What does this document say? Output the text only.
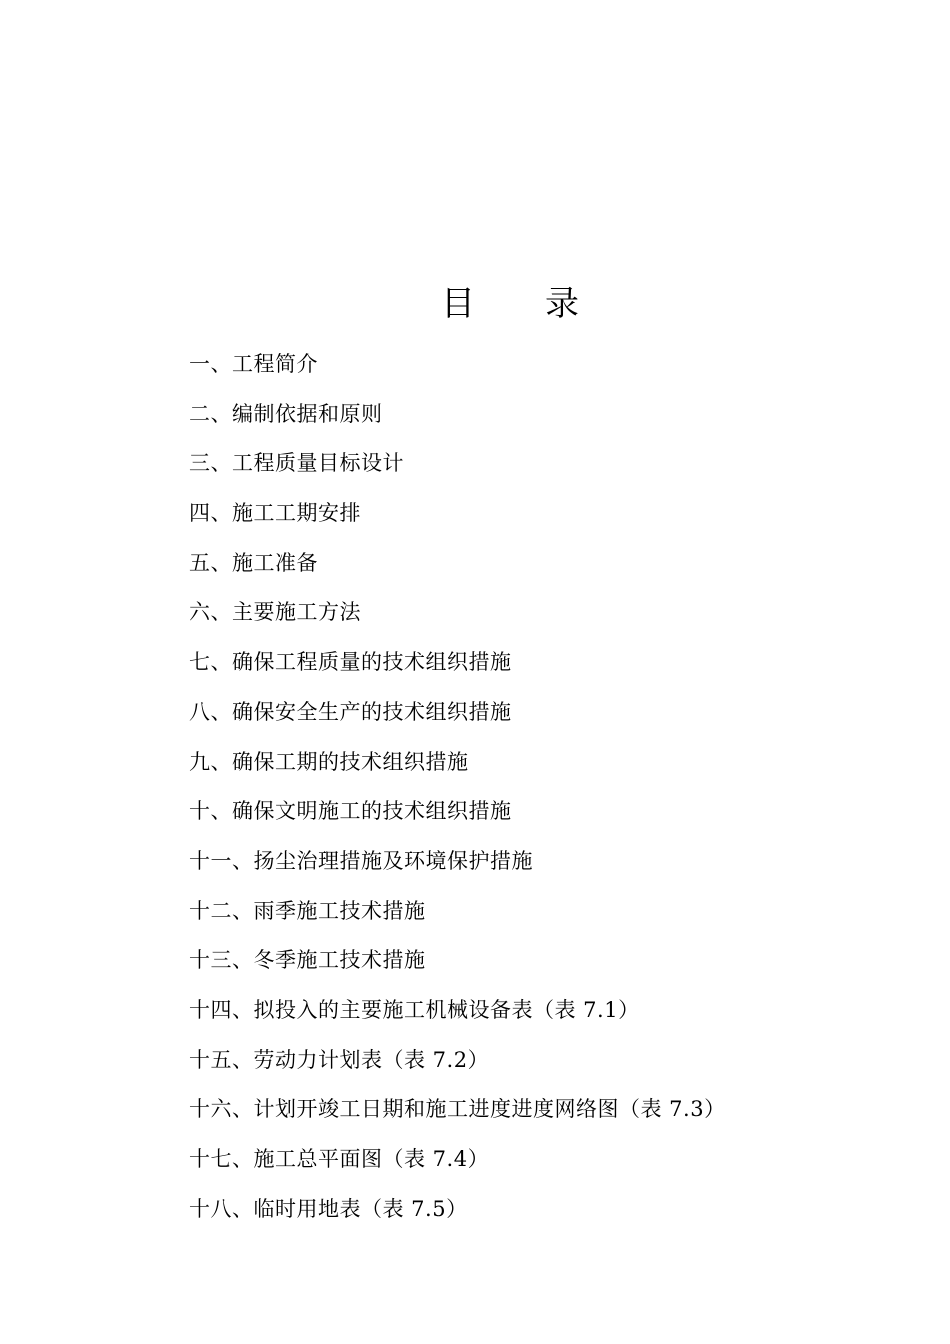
目 录
一、工程简介
二、编制依据和原则
三、工程质量目标设计
四、施工工期安排
五、施工准备
六、主要施工方法
七、确保工程质量的技术组织措施
八、确保安全生产的技术组织措施
九、确保工期的技术组织措施
十、确保文明施工的技术组织措施
十一、扬尘治理措施及环境保护措施
十二、雨季施工技术措施
十三、冬季施工技术措施
十四、拟投入的主要施工机械设备表（表 7.1）
十五、劳动力计划表（表 7.2）
十六、计划开竣工日期和施工进度进度网络图（表 7.3）
十七、施工总平面图（表 7.4）
十八、临时用地表（表 7.5）
